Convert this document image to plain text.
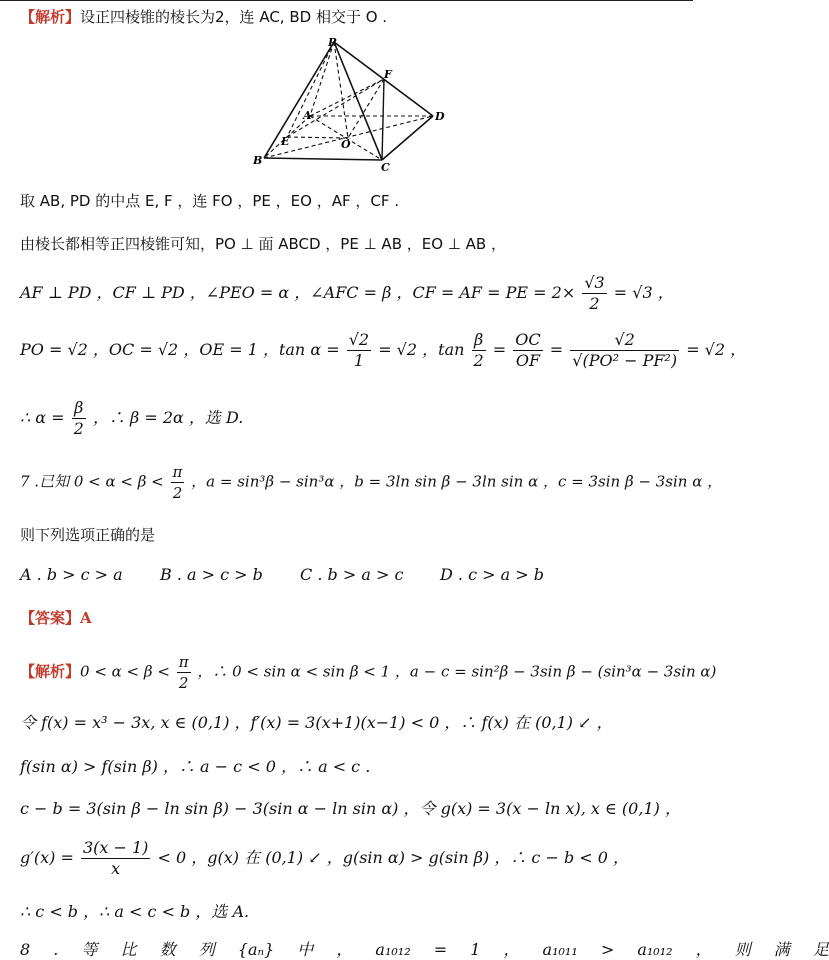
【解析】设正四棱锥的棱长为2，连 AC, BD 相交于 O .
P
F
A	D
E	O
B
C
取 AB, PD 的中点 E, F ，连 FO ，PE ，EO ，AF ，CF .
由棱长都相等正四棱锥可知，PO ⊥ 面 ABCD ，PE ⊥ AB ，EO ⊥ AB ，
AF ⊥ PD ，CF ⊥ PD ，∠PEO = α ，∠AFC = β ，CF = AF = PE = $2\times \frac{√3}{2} = √3$ ，
PO = √2 ，OC = √2 ，OE = 1 ，$\tan \alpha = \frac{√2}{1} = √2$ ，$\tan \frac{\beta}{2} = \frac{OC}{OF} = \frac{√2}{\text{√(PO² − PF²)}} = √2$ ，
∴ $\alpha = \frac{\beta}{2}$ ，∴ β = 2α ，选 D.
7 .已知 $0 < \alpha < \beta < \frac{\pi}{2}$ ，a = sin³β − sin³α ，b = 3ln sin β − 3ln sin α ，c = 3sin β − 3sin α ，
则下列选项正确的是
A . b > c > a B . a > c > b C . b > a > c D . c > a > b
【答案】A
【解析】$0 < \alpha < \beta < \frac{\pi}{2}$ ，∴ 0 < sin α < sin β < 1 ，a − c = sin²β − 3sin β − (sin³α − 3sin α)
令 f(x) = x³ − 3x, x ∈ (0,1) ，f′(x) = 3(x+1)(x−1) < 0 ，∴ f(x) 在 (0,1) ↙ ，
f(sin α) > f(sin β) ，∴ a − c < 0 ，∴ a < c .
c − b = 3(sin β − ln sin β) − 3(sin α − ln sin α) ，令 g(x) = 3(x − ln x), x ∈ (0,1) ，
$g'(x) = \frac{3(x - 1)}{x} < 0$ ，g(x) 在 (0,1) ↙ ，g(sin α) > g(sin β) ，∴ c − b < 0 ，
∴ c < b ，∴ a < c < b ，选 A.
8 . 等 比 数 列 {aₙ} 中 ， a₁₀₁₂ = 1 ， a₁₀₁₁ > a₁₀₁₂ ， 则 满 足
